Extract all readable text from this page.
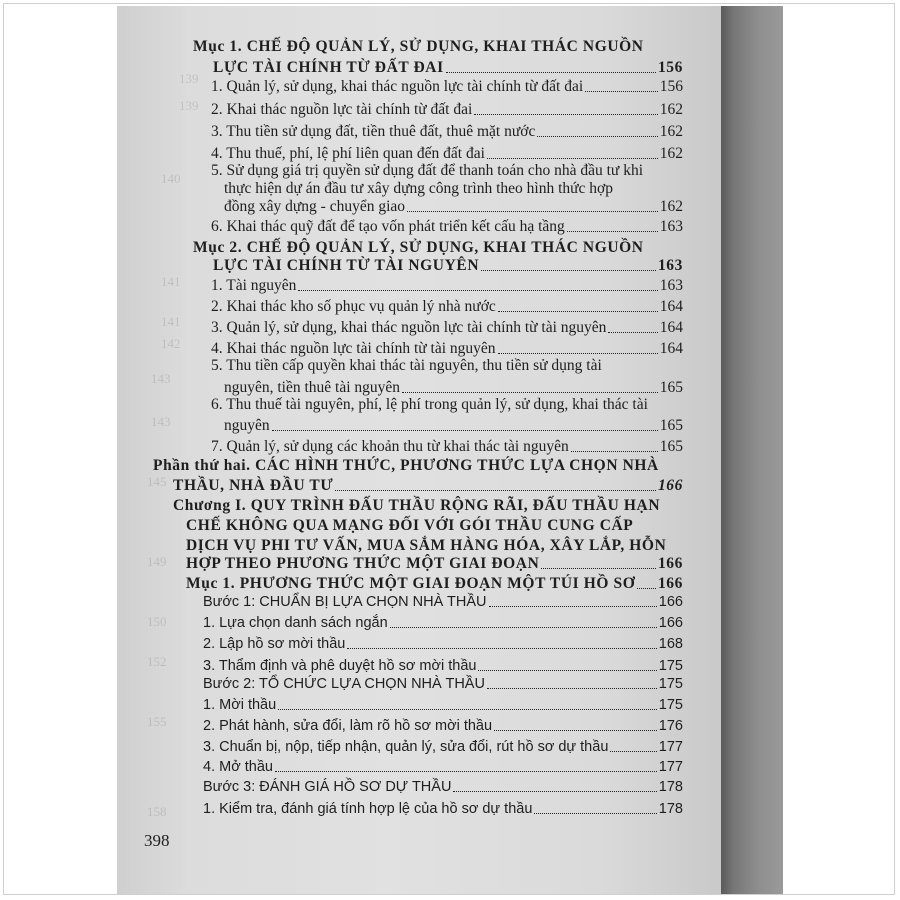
139
139
140
141
141
142
143
143
145
149
150
152
155
158
Mục 1. CHẾ ĐỘ QUẢN LÝ, SỬ DỤNG, KHAI THÁC NGUỒN
LỰC TÀI CHÍNH TỪ ĐẤT ĐAI	156
1. Quản lý, sử dụng, khai thác nguồn lực tài chính từ đất đai	156
2. Khai thác nguồn lực tài chính từ đất đai	162
3. Thu tiền sử dụng đất, tiền thuê đất, thuê mặt nước	162
4. Thu thuế, phí, lệ phí liên quan đến đất đai	162
5. Sử dụng giá trị quyền sử dụng đất để thanh toán cho nhà đầu tư khi
thực hiện dự án đầu tư xây dựng công trình theo hình thức hợp
đồng xây dựng - chuyển giao	162
6. Khai thác quỹ đất để tạo vốn phát triển kết cấu hạ tầng	163
Mục 2. CHẾ ĐỘ QUẢN LÝ, SỬ DỤNG, KHAI THÁC NGUỒN
LỰC TÀI CHÍNH TỪ TÀI NGUYÊN	163
1. Tài nguyên	163
2. Khai thác kho số phục vụ quản lý nhà nước	164
3. Quản lý, sử dụng, khai thác nguồn lực tài chính từ tài nguyên	164
4. Khai thác nguồn lực tài chính từ tài nguyên	164
5. Thu tiền cấp quyền khai thác tài nguyên, thu tiền sử dụng tài
nguyên, tiền thuê tài nguyên	165
6. Thu thuế tài nguyên, phí, lệ phí trong quản lý, sử dụng, khai thác tài
nguyên	165
7. Quản lý, sử dụng các khoản thu từ khai thác tài nguyên	165
Phần thứ hai. CÁC HÌNH THỨC, PHƯƠNG THỨC LỰA CHỌN NHÀ
THẦU, NHÀ ĐẦU TƯ	166
Chương I. QUY TRÌNH ĐẤU THẦU RỘNG RÃI, ĐẤU THẦU HẠN
CHẾ KHÔNG QUA MẠNG ĐỐI VỚI GÓI THẦU CUNG CẤP
DỊCH VỤ PHI TƯ VẤN, MUA SẮM HÀNG HÓA, XÂY LẮP, HỖN
HỢP THEO PHƯƠNG THỨC MỘT GIAI ĐOẠN	166
Mục 1. PHƯƠNG THỨC MỘT GIAI ĐOẠN MỘT TÚI HỒ SƠ 166
Bước 1: CHUẨN BỊ LỰA CHỌN NHÀ THẦU	166
1. Lựa chọn danh sách ngắn	166
2. Lập hồ sơ mời thầu	168
3. Thẩm định và phê duyệt hồ sơ mời thầu	175
Bước 2: TỔ CHỨC LỰA CHỌN NHÀ THẦU	175
1. Mời thầu	175
2. Phát hành, sửa đổi, làm rõ hồ sơ mời thầu	176
3. Chuẩn bị, nộp, tiếp nhận, quản lý, sửa đổi, rút hồ sơ dự thầu	177
4. Mở thầu	177
Bước 3: ĐÁNH GIÁ HỒ SƠ DỰ THẦU	178
1. Kiểm tra, đánh giá tính hợp lệ của hồ sơ dự thầu	178
398
